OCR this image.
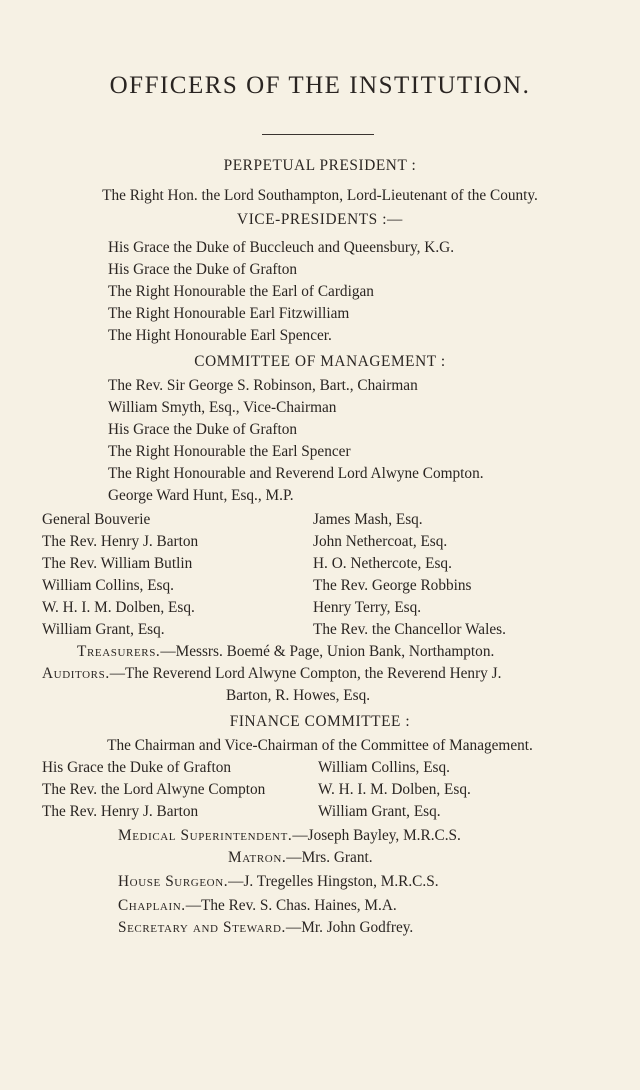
OFFICERS OF THE INSTITUTION.
PERPETUAL PRESIDENT :
The Right Hon. the Lord Southampton, Lord-Lieutenant of the County.
VICE-PRESIDENTS :—
His Grace the Duke of Buccleuch and Queensbury, K.G.
His Grace the Duke of Grafton
The Right Honourable the Earl of Cardigan
The Right Honourable Earl Fitzwilliam
The Hight Honourable Earl Spencer.
COMMITTEE OF MANAGEMENT :
The Rev. Sir George S. Robinson, Bart., Chairman
William Smyth, Esq., Vice-Chairman
His Grace the Duke of Grafton
The Right Honourable the Earl Spencer
The Right Honourable and Reverend Lord Alwyne Compton.
George Ward Hunt, Esq., M.P.
General Bouverie
The Rev. Henry J. Barton
The Rev. William Butlin
William Collins, Esq.
W. H. I. M. Dolben, Esq.
William Grant, Esq.
James Mash, Esq.
John Nethercoat, Esq.
H. O. Nethercote, Esq.
The Rev. George Robbins
Henry Terry, Esq.
The Rev. the Chancellor Wales.
Treasurers.—Messrs. Boemé & Page, Union Bank, Northampton.
Auditors.—The Reverend Lord Alwyne Compton, the Reverend Henry J.
Barton, R. Howes, Esq.
FINANCE COMMITTEE :
The Chairman and Vice-Chairman of the Committee of Management.
His Grace the Duke of Grafton
The Rev. the Lord Alwyne Compton
The Rev. Henry J. Barton
William Collins, Esq.
W. H. I. M. Dolben, Esq.
William Grant, Esq.
Medical Superintendent.—Joseph Bayley, M.R.C.S.
Matron.—Mrs. Grant.
House Surgeon.—J. Tregelles Hingston, M.R.C.S.
Chaplain.—The Rev. S. Chas. Haines, M.A.
Secretary and Steward.—Mr. John Godfrey.
